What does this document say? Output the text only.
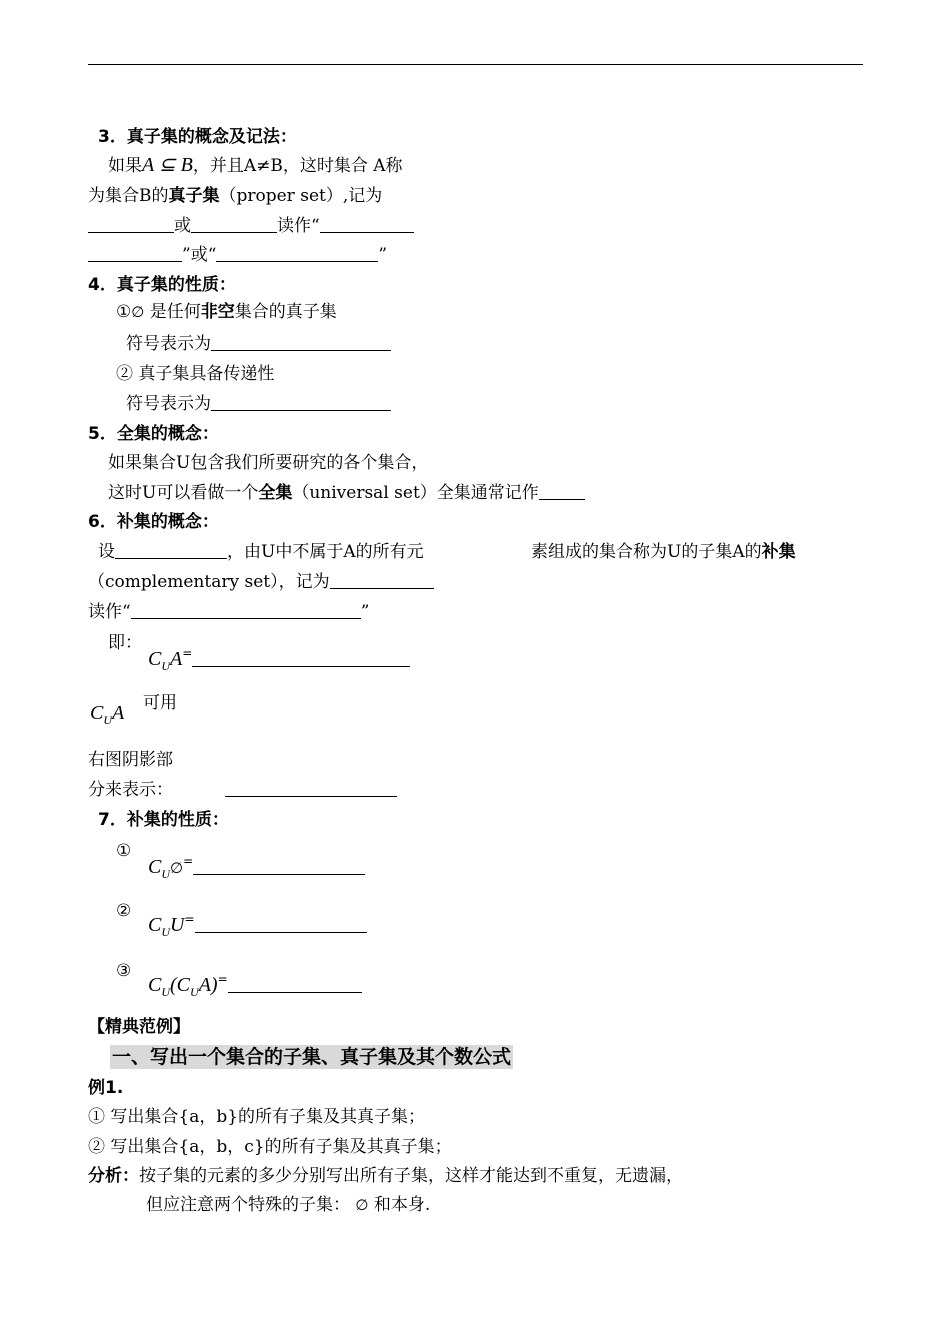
3．真子集的概念及记法：
如果A ⊆ B，并且A≠B，这时集合 A称
为集合B的真子集（proper set）,记为
或	读作“
”或“	”
4．真子集的性质：
①∅ 是任何非空集合的真子集
符号表示为
② 真子集具备传递性
符号表示为
5．全集的概念：
如果集合U包含我们所要研究的各个集合，
这时U可以看做一个全集（universal set）全集通常记作
6．补集的概念：
设	，由U中不属于A的所有元	素组成的集合称为U的子集A的补集
（complementary set），记为
读作“	”
即：
$C_UA^=$
$C_UA$ 可用
右图阴影部
分来表示：
7．补集的性质：
①
$C_U\emptyset^=$
②
$C_UU^=$
③
$C_U(C_UA)^=$
【精典范例】
一、写出一个集合的子集、真子集及其个数公式
例1.
① 写出集合{a，b}的所有子集及其真子集；
② 写出集合{a，b，c}的所有子集及其真子集；
分析：按子集的元素的多少分别写出所有子集，这样才能达到不重复，无遗漏，
但应注意两个特殊的子集： ∅ 和本身.
